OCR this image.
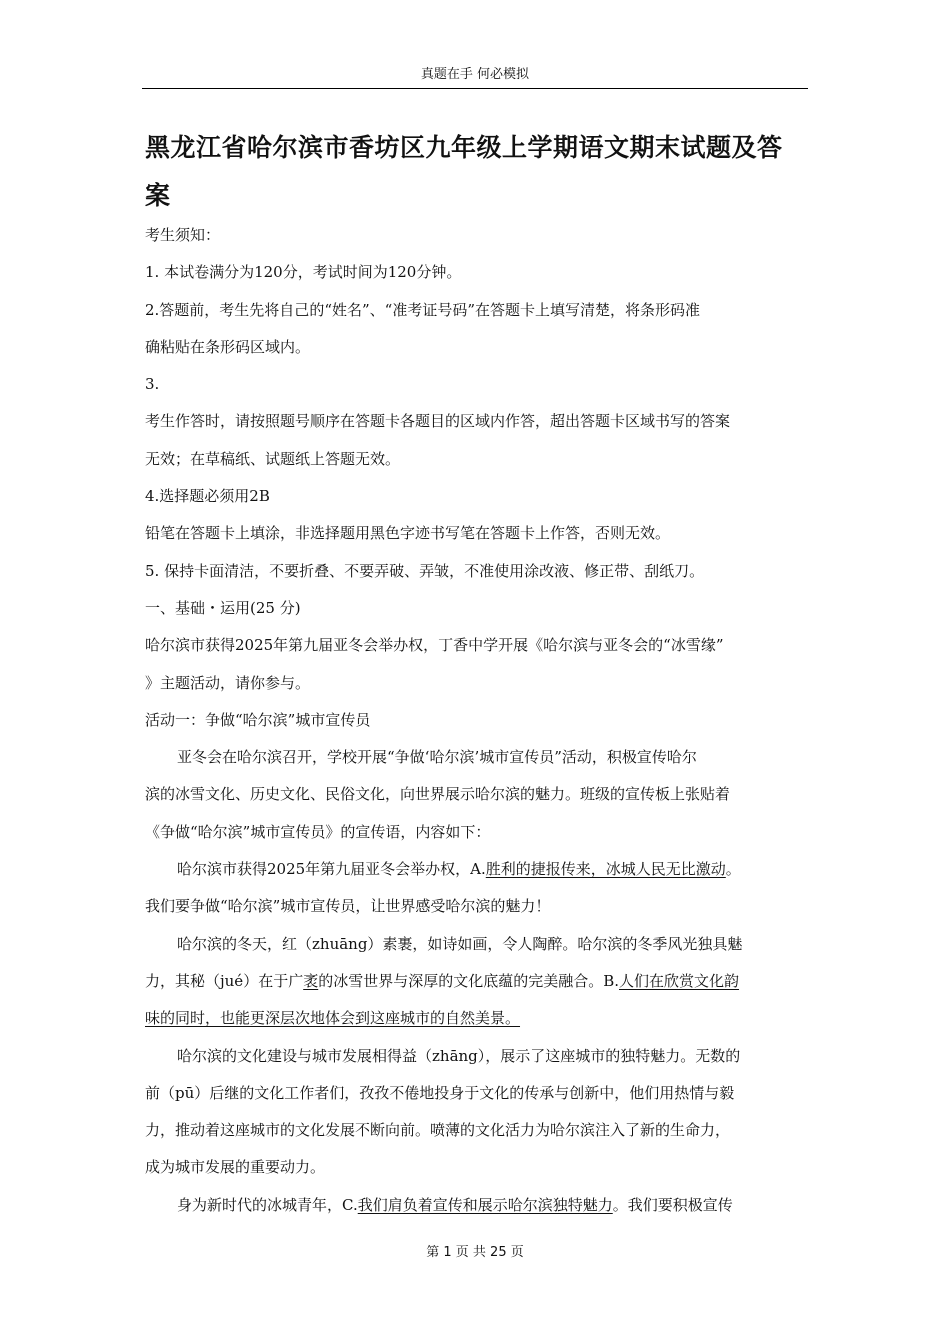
真题在手 何必模拟
黑龙江省哈尔滨市香坊区九年级上学期语文期末试题及答案
考生须知：
1. 本试卷满分为120分，考试时间为120分钟。
2.答题前，考生先将自己的“姓名”、“准考证号码”在答题卡上填写清楚，将条形码准
确粘贴在条形码区域内。
3.
考生作答时，请按照题号顺序在答题卡各题目的区域内作答，超出答题卡区域书写的答案
无效；在草稿纸、试题纸上答题无效。
4.选择题必须用2B
铅笔在答题卡上填涂，非选择题用黑色字迹书写笔在答题卡上作答，否则无效。
5. 保持卡面清洁，不要折叠、不要弄破、弄皱，不准使用涂改液、修正带、刮纸刀。
一、基础・运用(25 分)
哈尔滨市获得2025年第九届亚冬会举办权，丁香中学开展《哈尔滨与亚冬会的“冰雪缘”
》主题活动，请你参与。
活动一：争做“哈尔滨”城市宣传员
亚冬会在哈尔滨召开，学校开展“争做‘哈尔滨’城市宣传员”活动，积极宣传哈尔
滨的冰雪文化、历史文化、民俗文化，向世界展示哈尔滨的魅力。班级的宣传板上张贴着
《争做“哈尔滨”城市宣传员》的宣传语，内容如下：
哈尔滨市获得2025年第九届亚冬会举办权，A.胜利的捷报传来，冰城人民无比激动。
我们要争做“哈尔滨”城市宣传员，让世界感受哈尔滨的魅力！
哈尔滨的冬天，红（zhuāng）素裹，如诗如画，令人陶醉。哈尔滨的冬季风光独具魅
力，其秘（jué）在于广袤的冰雪世界与深厚的文化底蕴的完美融合。B.人们在欣赏文化韵
味的同时，也能更深层次地体会到这座城市的自然美景。
哈尔滨的文化建设与城市发展相得益（zhāng），展示了这座城市的独特魅力。无数的
前（pū）后继的文化工作者们，孜孜不倦地投身于文化的传承与创新中，他们用热情与毅
力，推动着这座城市的文化发展不断向前。喷薄的文化活力为哈尔滨注入了新的生命力，
成为城市发展的重要动力。
身为新时代的冰城青年，C.我们肩负着宣传和展示哈尔滨独特魅力。我们要积极宣传
第 1 页 共 25 页
